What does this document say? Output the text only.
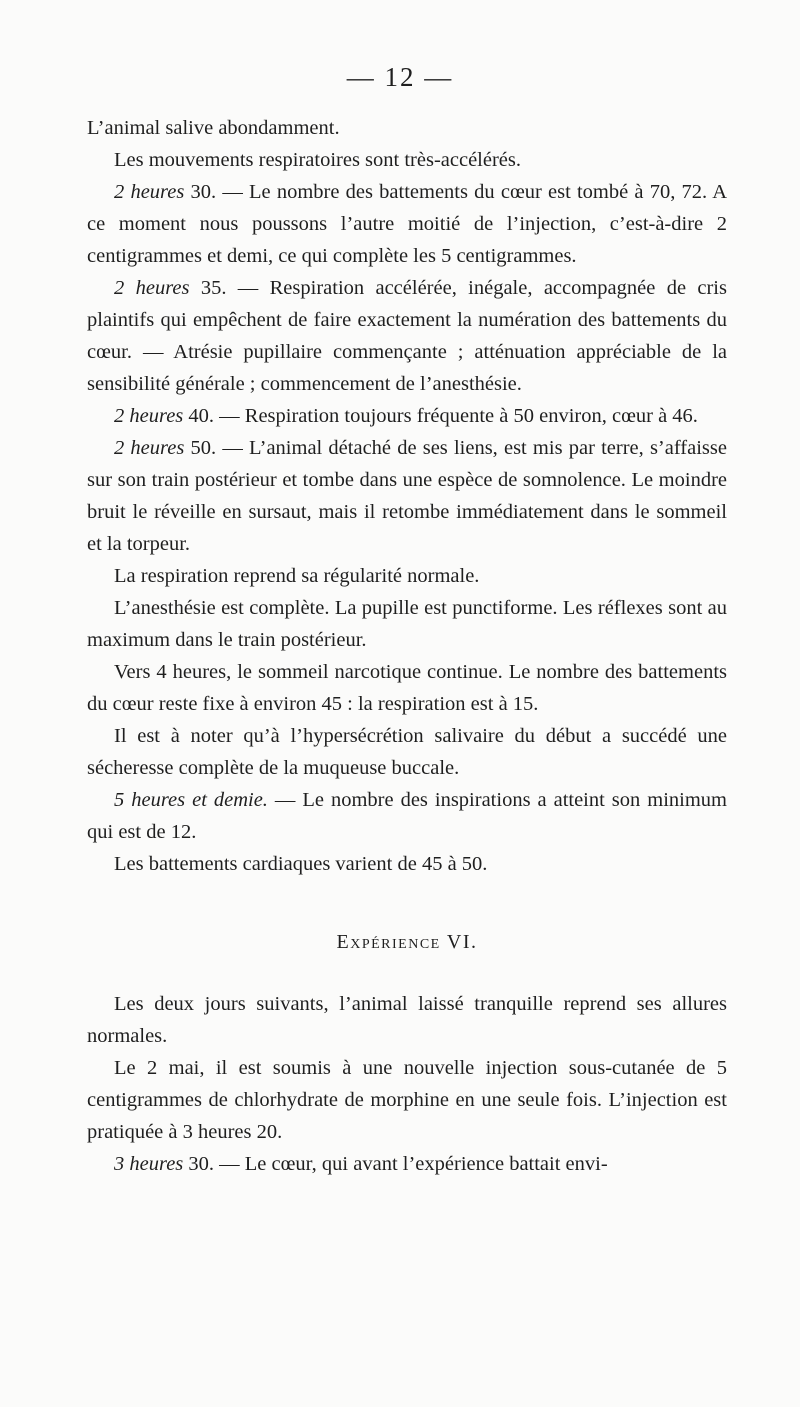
— 12 —

L’animal salive abondamment.

Les mouvements respiratoires sont très-accélérés.

2 heures 30. — Le nombre des battements du cœur est tombé à 70, 72. A ce moment nous poussons l’autre moitié de l’injection, c’est-à-dire 2 centigrammes et demi, ce qui complète les 5 centigrammes.

2 heures 35. — Respiration accélérée, inégale, accompagnée de cris plaintifs qui empêchent de faire exactement la numération des battements du cœur. — Atrésie pupillaire commençante ; atténuation appréciable de la sensibilité générale ; commencement de l’anesthésie.

2 heures 40. — Respiration toujours fréquente à 50 environ, cœur à 46.

2 heures 50. — L’animal détaché de ses liens, est mis par terre, s’affaisse sur son train postérieur et tombe dans une espèce de somnolence. Le moindre bruit le réveille en sursaut, mais il retombe immédiatement dans le sommeil et la torpeur.

La respiration reprend sa régularité normale.

L’anesthésie est complète. La pupille est punctiforme. Les réflexes sont au maximum dans le train postérieur.

Vers 4 heures, le sommeil narcotique continue. Le nombre des battements du cœur reste fixe à environ 45 : la respiration est à 15.

Il est à noter qu’à l’hypersécrétion salivaire du début a succédé une sécheresse complète de la muqueuse buccale.

5 heures et demie. — Le nombre des inspirations a atteint son minimum qui est de 12.

Les battements cardiaques varient de 45 à 50.

Expérience VI.

Les deux jours suivants, l’animal laissé tranquille reprend ses allures normales.

Le 2 mai, il est soumis à une nouvelle injection sous-cutanée de 5 centigrammes de chlorhydrate de morphine en une seule fois. L’injection est pratiquée à 3 heures 20.

3 heures 30. — Le cœur, qui avant l’expérience battait envi-
